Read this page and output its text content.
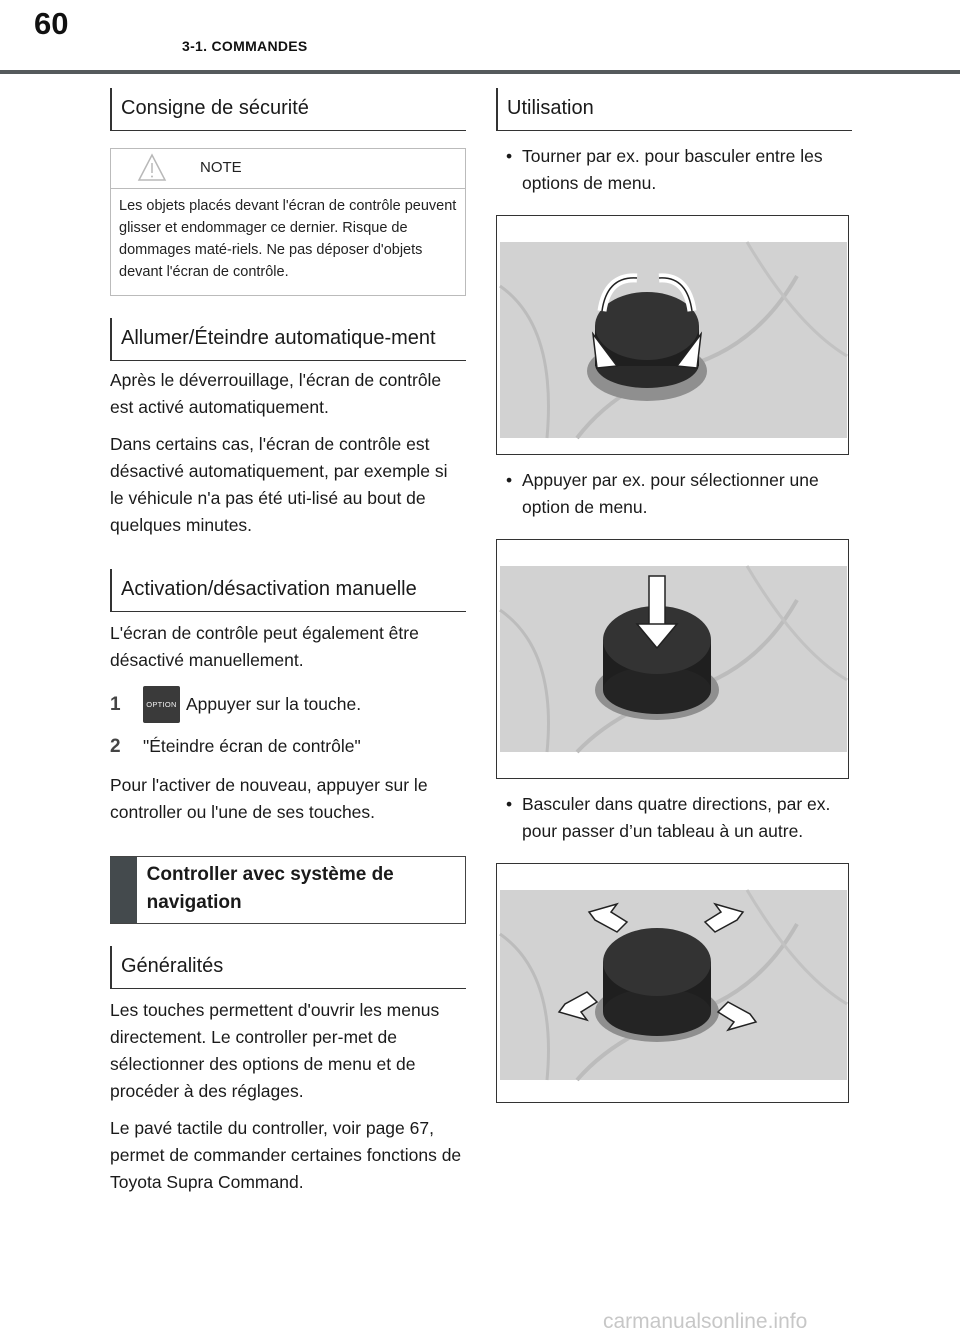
60
3-1. COMMANDES
Consigne de sécurité
NOTE
Les objets placés devant l'écran de contrôle peuvent glisser et endommager ce dernier. Risque de dommages maté-riels. Ne pas déposer d'objets devant l'écran de contrôle.
Allumer/Éteindre automatique-ment

Après le déverrouillage, l'écran de contrôle est activé automatiquement.

Dans certains cas, l'écran de contrôle est désactivé automatiquement, par exemple si le véhicule n'a pas été uti-lisé au bout de quelques minutes.

Activation/désactivation manuelle

L'écran de contrôle peut également être désactivé manuellement.

1	OPTION Appuyer sur la touche.
2	"Éteindre écran de contrôle"

Pour l'activer de nouveau, appuyer sur le controller ou l'une de ses touches.

Controller avec système de navigation
Généralités

Les touches permettent d'ouvrir les menus directement. Le controller per-met de sélectionner des options de menu et de procéder à des réglages.

Le pavé tactile du controller, voir page 67, permet de commander certaines fonctions de Toyota Supra Command.

Utilisation
• Tourner par ex. pour basculer entre les options de menu.
• Appuyer par ex. pour sélectionner une option de menu.
• Basculer dans quatre directions, par ex. pour passer d’un tableau à un autre.
carmanualsonline.info
